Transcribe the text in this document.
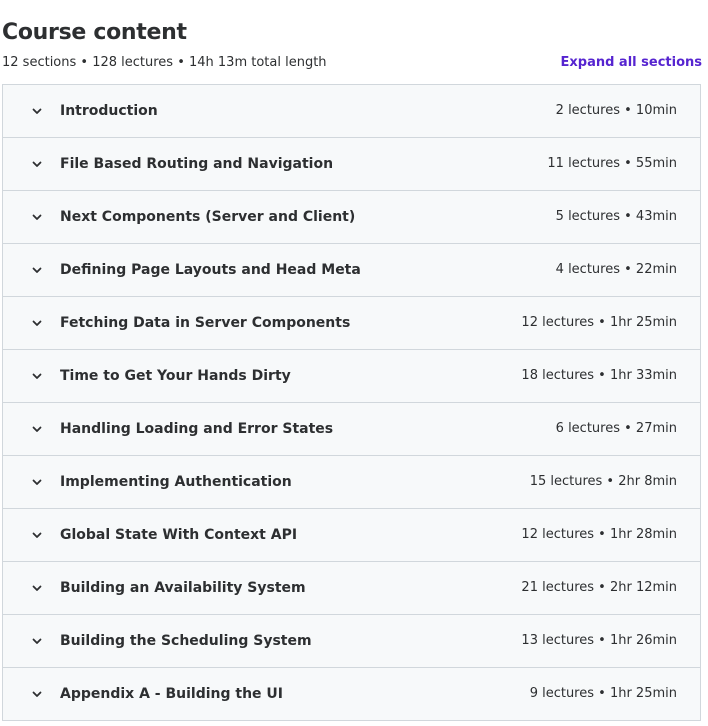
Course content
12 sections • 128 lectures • 14h 13m total length	Expand all sections
Introduction	2 lectures • 10min
File Based Routing and Navigation	11 lectures • 55min
Next Components (Server and Client)	5 lectures • 43min
Defining Page Layouts and Head Meta	4 lectures • 22min
Fetching Data in Server Components	12 lectures • 1hr 25min
Time to Get Your Hands Dirty	18 lectures • 1hr 33min
Handling Loading and Error States	6 lectures • 27min
Implementing Authentication	15 lectures • 2hr 8min
Global State With Context API	12 lectures • 1hr 28min
Building an Availability System	21 lectures • 2hr 12min
Building the Scheduling System	13 lectures • 1hr 26min
Appendix A - Building the UI	9 lectures • 1hr 25min
